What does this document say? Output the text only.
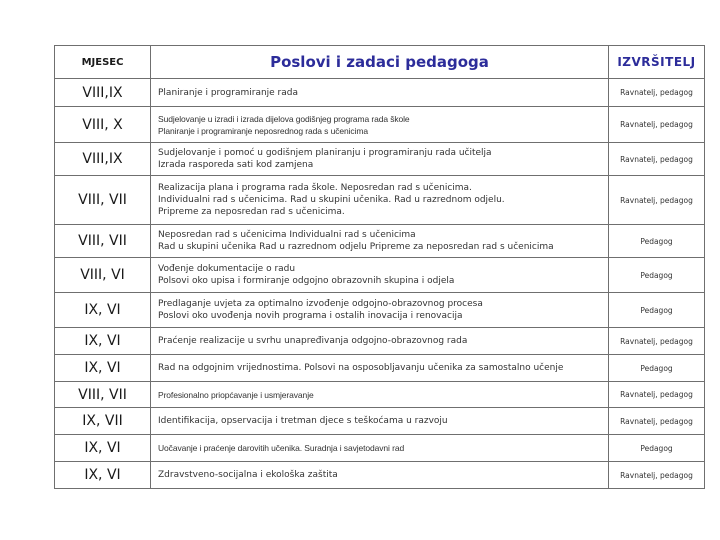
MJESEC	Poslovi i zadaci pedagoga	IZVRŠITELJ
VIII,IX	Planiranje i programiranje rada	Ravnatelj, pedagog
VIII, X	Sudjelovanje u izradi i izrada dijelova godišnjeg programa rada škole
Planiranje i programiranje neposrednog rada s učenicima	Ravnatelj, pedagog
VIII,IX	Sudjelovanje i pomoć u godišnjem planiranju i programiranju rada učitelja
Izrada rasporeda sati kod zamjena	Ravnatelj, pedagog
VIII, VII	Realizacija plana i programa rada škole. Neposredan rad s učenicima.
Individualni rad s učenicima. Rad u skupini učenika. Rad u razrednom odjelu.
Pripreme za neposredan rad s učenicima.	Ravnatelj, pedagog
VIII, VII	Neposredan rad s učenicima Individualni rad s učenicima
Rad u skupini učenika Rad u razrednom odjelu Pripreme za neposredan rad s učenicima	Pedagog
VIII, VI	Vođenje dokumentacije o radu
Polsovi oko upisa i formiranje odgojno obrazovnih skupina i odjela	Pedagog
IX, VI	Predlaganje uvjeta za optimalno izvođenje odgojno-obrazovnog procesa
Poslovi oko uvođenja novih programa i ostalih inovacija i renovacija	Pedagog
IX, VI	Praćenje realizacije u svrhu unapređivanja odgojno-obrazovnog rada	Ravnatelj, pedagog
IX, VI	Rad na odgojnim vrijednostima. Polsovi na osposobljavanju učenika za samostalno učenje	Pedagog
VIII, VII	Profesionalno priopćavanje i usmjeravanje	Ravnatelj, pedagog
IX, VII	Identifikacija, opservacija i tretman djece s teškoćama u razvoju	Ravnatelj, pedagog
IX, VI	Uočavanje i praćenje darovitih učenika. Suradnja i savjetodavni rad	Pedagog
IX, VI	Zdravstveno-socijalna i ekološka zaštita	Ravnatelj, pedagog
